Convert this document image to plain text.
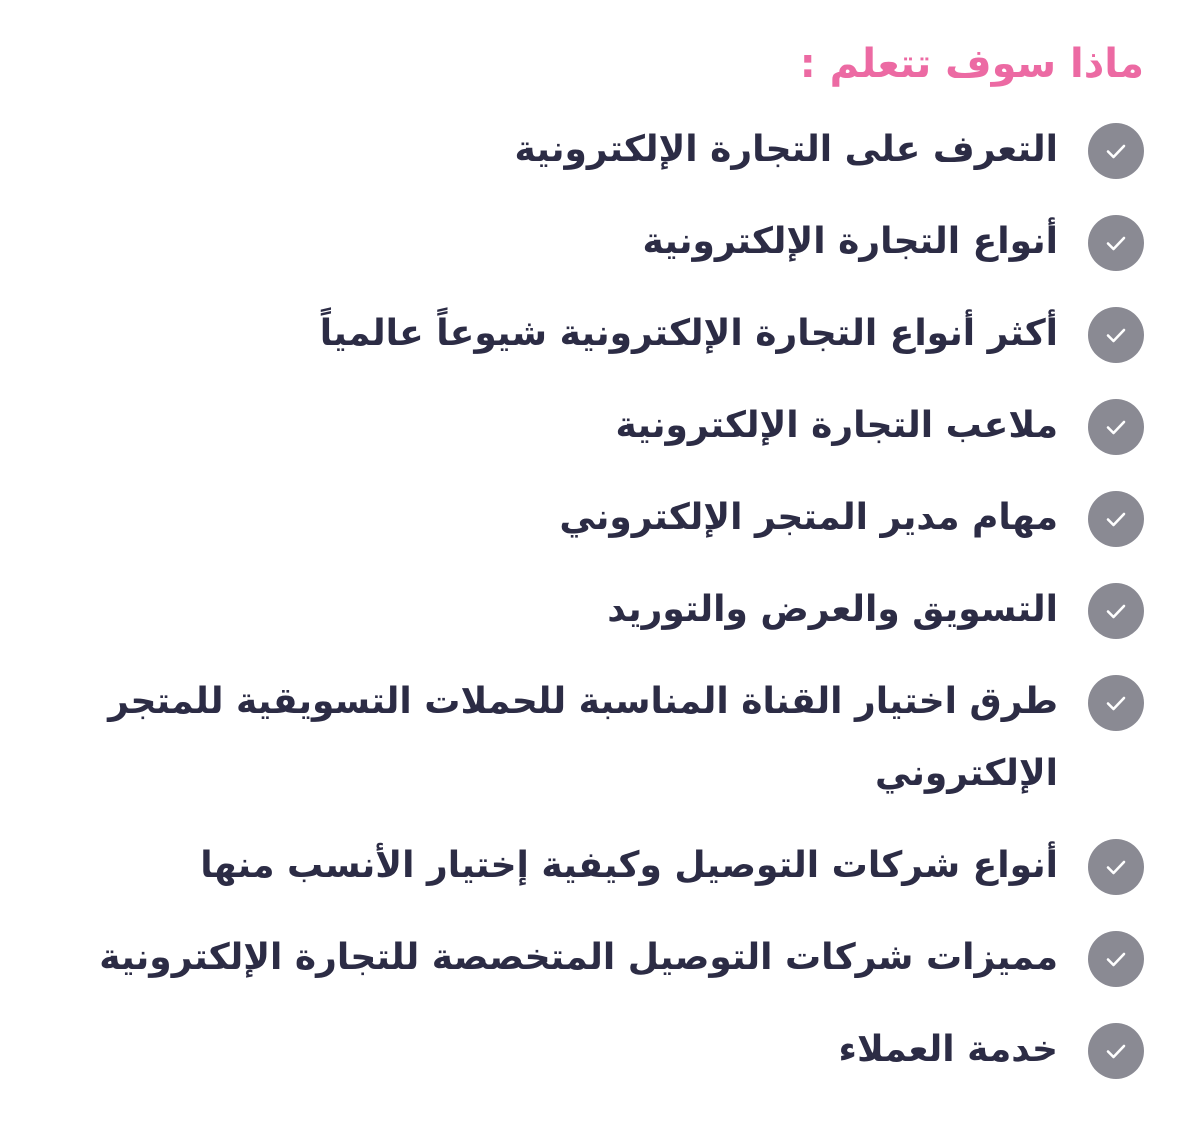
ماذا سوف تتعلم :
التعرف على التجارة الإلكترونية
أنواع التجارة الإلكترونية
أكثر أنواع التجارة الإلكترونية شيوعاً عالمياً
ملاعب التجارة الإلكترونية
مهام مدير المتجر الإلكتروني
التسويق والعرض والتوريد
طرق اختيار القناة المناسبة للحملات التسويقية للمتجر الإلكتروني
أنواع شركات التوصيل وكيفية إختيار الأنسب منها
مميزات شركات التوصيل المتخصصة للتجارة الإلكترونية
خدمة العملاء
